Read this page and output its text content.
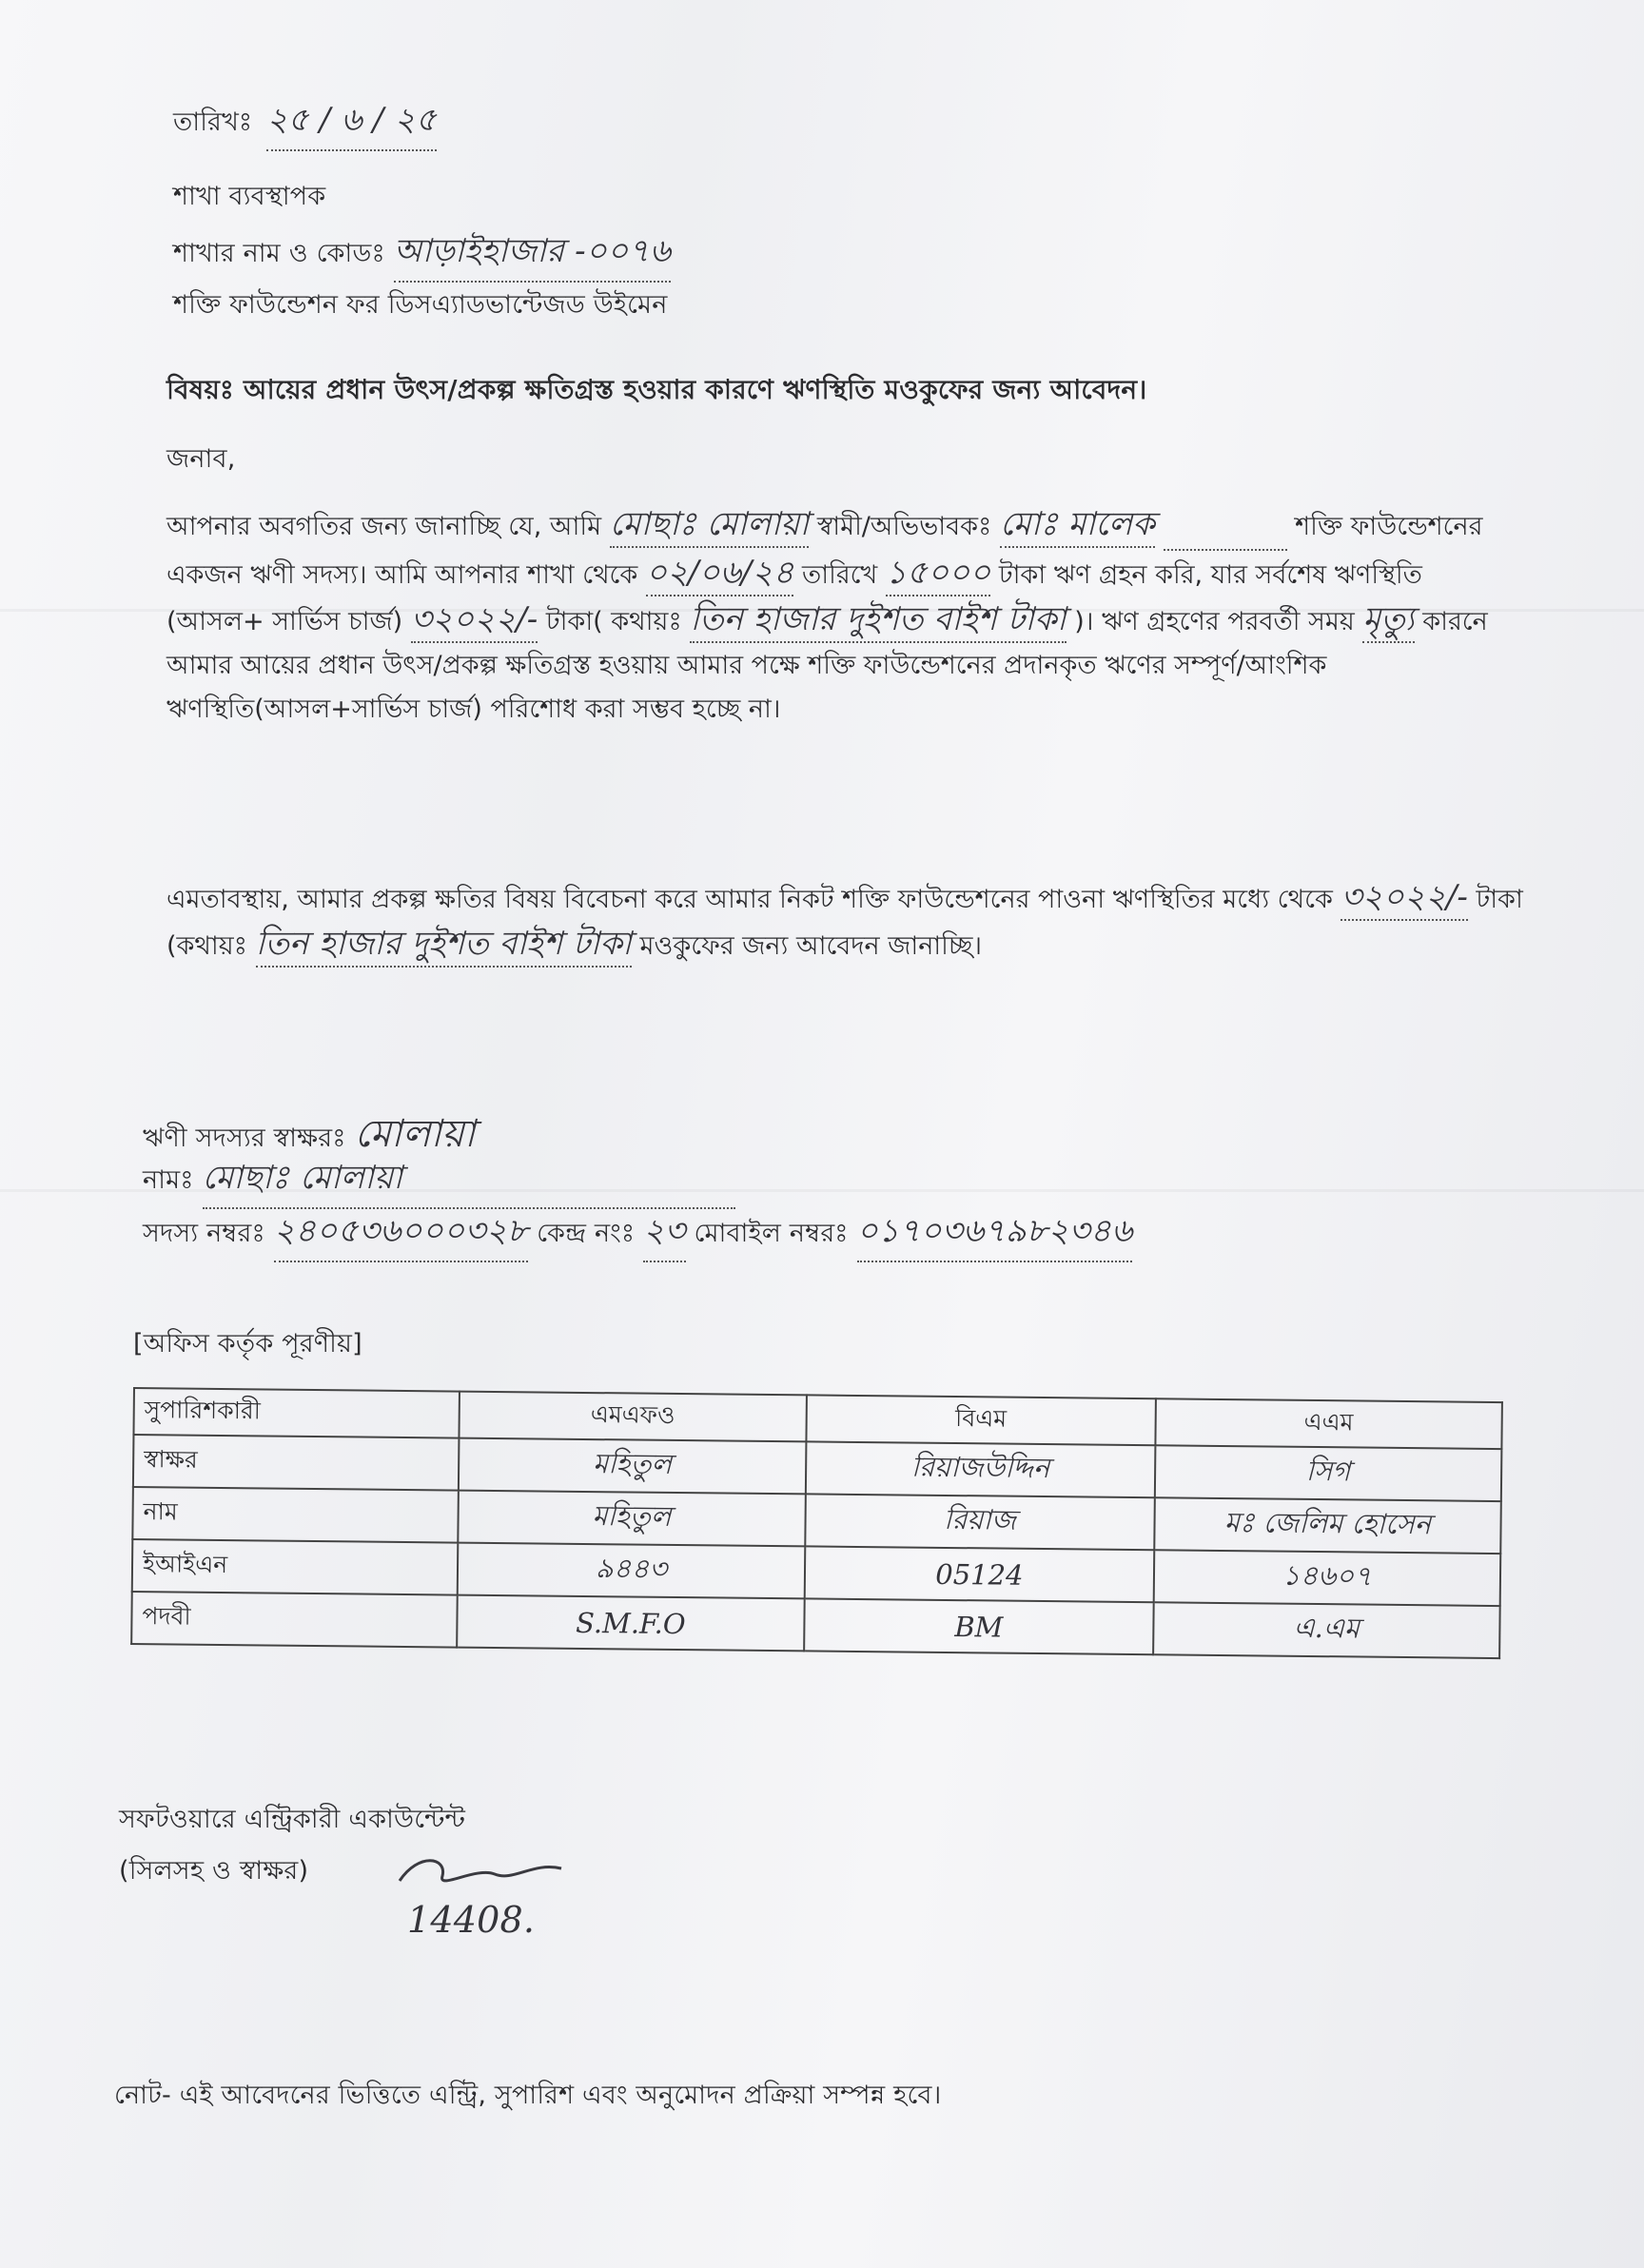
তারিখঃ ২৫ / ৬ / ২৫
শাখা ব্যবস্থাপক
শাখার নাম ও কোডঃ আড়াইহাজার -০০৭৬
শক্তি ফাউন্ডেশন ফর ডিসএ্যাডভান্টেজড উইমেন
বিষয়ঃ আয়ের প্রধান উৎস/প্রকল্প ক্ষতিগ্রস্ত হওয়ার কারণে ঋণস্থিতি মওকুফের জন্য আবেদন।
জনাব,
আপনার অবগতির জন্য জানাচ্ছি যে, আমি মোছাঃ মোলায়া স্বামী/অভিভাবকঃ মোঃ মালেক	শক্তি ফাউন্ডেশনের একজন ঋণী সদস্য। আমি আপনার শাখা থেকে ০২/০৬/২৪ তারিখে ১৫০০০ টাকা ঋণ গ্রহন করি, যার সর্বশেষ ঋণস্থিতি (আসল+ সার্ভিস চার্জ) ৩২০২২/- টাকা( কথায়ঃ তিন হাজার দুইশত বাইশ টাকা )। ঋণ গ্রহণের পরবর্তী সময় মৃত্যু কারনে আমার আয়ের প্রধান উৎস/প্রকল্প ক্ষতিগ্রস্ত হওয়ায় আমার পক্ষে শক্তি ফাউন্ডেশনের প্রদানকৃত ঋণের সম্পূর্ণ/আংশিক ঋণস্থিতি(আসল+সার্ভিস চার্জ) পরিশোধ করা সম্ভব হচ্ছে না।
এমতাবস্থায়, আমার প্রকল্প ক্ষতির বিষয় বিবেচনা করে আমার নিকট শক্তি ফাউন্ডেশনের পাওনা ঋণস্থিতির মধ্যে থেকে ৩২০২২/- টাকা (কথায়ঃ তিন হাজার দুইশত বাইশ টাকা মওকুফের জন্য আবেদন জানাচ্ছি।
ঋণী সদস্যর স্বাক্ষরঃ মোলায়া
নামঃ মোছাঃ মোলায়া
সদস্য নম্বরঃ ২৪০৫৩৬০০০৩২৮ কেন্দ্র নংঃ ২৩ মোবাইল নম্বরঃ ০১৭০৩৬৭৯৮২৩৪৬
[অফিস কর্তৃক পূরণীয়]
সুপারিশকারী	এমএফও	বিএম	এএম
স্বাক্ষর	মহিতুল	রিয়াজউদ্দিন	সিগ
নাম	মহিতুল	রিয়াজ	মঃ জেলিম হোসেন
ইআইএন	৯৪৪৩	05124	১৪৬০৭
পদবী	S.M.F.O	BM	এ.এম
সফটওয়ারে এন্ট্রিকারী একাউন্টেন্ট
(সিলসহ ও স্বাক্ষর)
14408.
নোট- এই আবেদনের ভিত্তিতে এন্ট্রি, সুপারিশ এবং অনুমোদন প্রক্রিয়া সম্পন্ন হবে।
